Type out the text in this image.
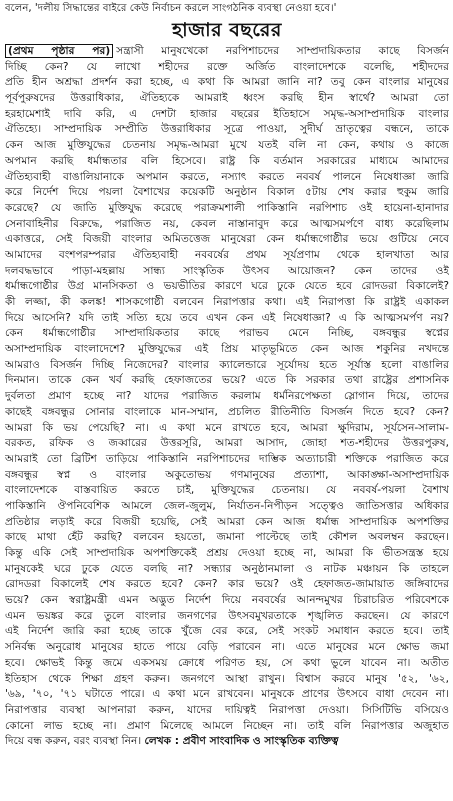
বলেন, 'দলীয় সিদ্ধান্তের বাইরে কেউ নির্বাচন করলে সাংগঠনিক ব্যবস্থা নেওয়া হবে।'
হাজার বছরের
(প্রথম পৃষ্ঠার পর) সন্ত্রাসী মানুষখেকো নরপিশাচদের সাম্প্রদায়িকতার কাছে বিসর্জন
দিচ্ছি কেন? যে লাখো শহীদের রক্তে অর্জিত বাংলাদেশকে বলেছি, শহীদদের
প্রতি হীন অশ্রদ্ধা প্রদর্শন করা হচ্ছে, এ কথা কি আমরা জানি না? তবু কেন বাংলার মানুষের
পূর্বপুরুষদের উত্তরাধিকার, ঐতিহ্যকে আমরাই ধ্বংস করছি হীন স্বার্থে? আমরা তো
হরহামেশাই দাবি করি, এ দেশটা হাজার বছরের ইতিহাসে সমৃদ্ধ-অসাম্প্রদায়িক বাংলার
ঐতিহ্যে। সাম্প্রদায়িক সম্প্রীতি উত্তরাধিকার সূত্রে পাওয়া, সুদীর্ঘ ভ্রাতৃত্বের বন্ধনে, তাকে
কেন আজ মুক্তিযুদ্ধের চেতনায় সমৃদ্ধ-আমরা মুখে যতই বলি না কেন, কথায় ও কাজে
অপমান করছি ধর্মান্ধতার বলি হিসেবে। রাষ্ট্র কি বর্তমান সরকারের মাধ্যমে আমাদের
ঐতিহ্যবাহী বাঙালিয়ানাকে অপমান করতে, নস্যাৎ করতে নববর্ষ পালনে নিষেধাজ্ঞা জারি
করে নির্দেশ দিয়ে পয়লা বৈশাখের কয়েকটি অনুষ্ঠান বিকাল ৫টায় শেষ করার হুকুম জারি
করেছে? যে জাতি মুক্তিযুদ্ধ করেছে পরাক্রমশালী পাকিস্তানি নরপিশাচ ওই হায়েনা-হানাদার
সেনাবাহিনীর বিরুদ্ধে, পরাজিত নয়, কেবল নাস্তানাবুদ করে আত্মসমর্পণে বাধ্য করেছিলাম
একাত্তরে, সেই বিজয়ী বাংলার অমিতত্তেজ মানুষেরা কেন ধর্মান্ধগোষ্ঠীর ভয়ে গুটিয়ে নেবে
আমাদের বংশপরম্পরার ঐতিহ্যবাহী নববর্ষের প্রথম সূর্যপ্রণাম থেকে হালখাতা আর
দলবদ্ধভাবে পাড়া-মহল্লায় সান্ধ্য সাংস্কৃতিক উৎসব আয়োজন? কেন তাদের ওই
ধর্মান্ধগোষ্ঠীর উগ্র মানসিকতা ও ভয়ভীতির কারণে ঘরে ঢুকে যেতে হবে রোদডরা বিকালেই?
কী লজ্জা, কী কলঙ্ক! শাসকগোষ্ঠী বলবেন নিরাপত্তার কথা। এই নিরাপত্তা কি রাষ্ট্রই একাকল
দিয়ে আসেনি? যদি তাই সত্যি হয়ে তবে এখন কেন এই নিষেধাজ্ঞা? এ কি আত্মসমর্পণ নয়?
কেন ধর্মান্ধগোষ্ঠীর সাম্প্রদায়িকতার কাছে পরাভব মেনে নিচ্ছি, বঙ্গবন্ধুর স্বপ্নের
অসাম্প্রদায়িক বাংলাদেশে? মুক্তিযুদ্ধের এই প্রিয় মাতৃভূমিতে কেন আজ শকুনির নখদন্তে
আমরাও বিসর্জন দিচ্ছি নিজেদের? বাংলার ক্যালেন্ডারে সূর্যোদয় হতে সূর্যাস্ত হলো বাঙালির
দিনমান। তাকে কেন খর্ব করছি হেফাজতের ভয়ে? এতে কি সরকার তথা রাষ্ট্রের প্রশাসনিক
দুর্বলতা প্রমাণ হচ্ছে না? যাদের পরাজিত করলাম ধর্মনিরপেক্ষতা স্লোগান দিয়ে, তাদের
কাছেই বঙ্গবন্ধুর সোনার বাংলাকে মান-সম্মান, প্রচলিত রীতিনীতি বিসর্জন দিতে হবে? কেন?
আমরা কি ভয় পেয়েছি? না। এ কথা মনে রাখতে হবে, আমরা ক্ষুদিরাম, সূর্যসেন-সালাম-
বরকত, রফিক ও জব্বারের উত্তরসূরি, আমরা আসাদ, জোহা শত-শহীদের উত্তরপুরুষ,
আমরাই তো ব্রিটিশ তাড়িয়ে পাকিস্তানি নরপিশাচদের দাম্ভিক অত্যাচারী শক্তিকে পরাজিত করে
বঙ্গবন্ধুর স্বপ্ন ও বাংলার অকুতোভয় গণমানুষের প্রত্যাশা, আকাঙ্ক্ষা-অসাম্প্রদায়িক
বাংলাদেশকে বাস্তবায়িত করতে চাই, মুক্তিযুদ্ধের চেতনায়। যে নববর্ষ-পয়লা বৈশাখ
পাকিস্তানি ঔপনিবেশিক আমলে জেল-জুলুম, নির্যাতন-নিপীড়ন সত্ত্বেও জাতিসত্তার অধিকার
প্রতিষ্ঠার লড়াই করে বিজয়ী হয়েছি, সেই আমরা কেন আজ ধর্মান্ধ সাম্প্রদায়িক অপশক্তির
কাছে মাথা হেঁট করছি? বলবেন হয়তো, জমানা পাল্টেছে তাই কৌশল অবলম্বন করছেন।
কিন্তু একি সেই সাম্প্রদায়িক অপশক্তিকেই প্রশ্রয় দেওয়া হচ্ছে না, আমরা কি ভীতসন্ত্রস্ত হয়ে
মানুষকেই ঘরে ঢুকে যেতে বলছি না? সন্ধ্যার অনুষ্ঠানমালা ও নাটক মঞ্চায়ন কি তাহলে
রোদডরা বিকালেই শেষ করতে হবে? কেন? কার ভয়ে? ওই হেফাজত-জামায়াত জঙ্গিবাদের
ভয়ে? কেন স্বরাষ্ট্রমন্ত্রী এমন অদ্ভুত নির্দেশ দিয়ে নববর্ষের আনন্দমুখর চিরাচরিত পরিবেশকে
এমন ভয়ঙ্কর করে তুলে বাংলার জনগণের উৎসবমুখরতাকে শৃঙ্খলিত করছেন। যে কারণে
এই নির্দেশ জারি করা হচ্ছে তাকে খুঁজে বের করে, সেই সংকট সমাধান করতে হবে। তাই
সনির্বন্ধ অনুরোধ মানুষের হাতে পায়ে বেড়ি পরাবেন না। এতে মানুষের মনে ক্ষোভ জমা
হবে। ক্ষোভই কিন্তু জমে একসময় ক্রোধে পরিণত হয়, সে কথা ভুলে যাবেন না। অতীত
ইতিহাস থেকে শিক্ষা গ্রহণ করুন। জনগণে আস্থা রাখুন। বিশ্বাস করবে মানুষ '৫২, '৬২,
'৬৯, '৭০, '৭১ ঘটাতে পারে। এ কথা মনে রাখবেন। মানুষকে প্রাণের উৎসবে বাধা দেবেন না।
নিরাপত্তার ব্যবস্থা আপনারা করুন, যাদের দায়িত্বই নিরাপত্তা দেওয়া। সিসিটিভি বসিয়েও
কোনো লাভ হচ্ছে না। প্রমাণ মিলেছে আমলে নিচ্ছেন না। তাই বলি নিরাপত্তার অজুহাত
দিয়ে বন্ধ করুন, বরং ব্যবস্থা নিন। লেখক : প্রবীণ সাংবাদিক ও সাংস্কৃতিক ব্যক্তিত্ব
